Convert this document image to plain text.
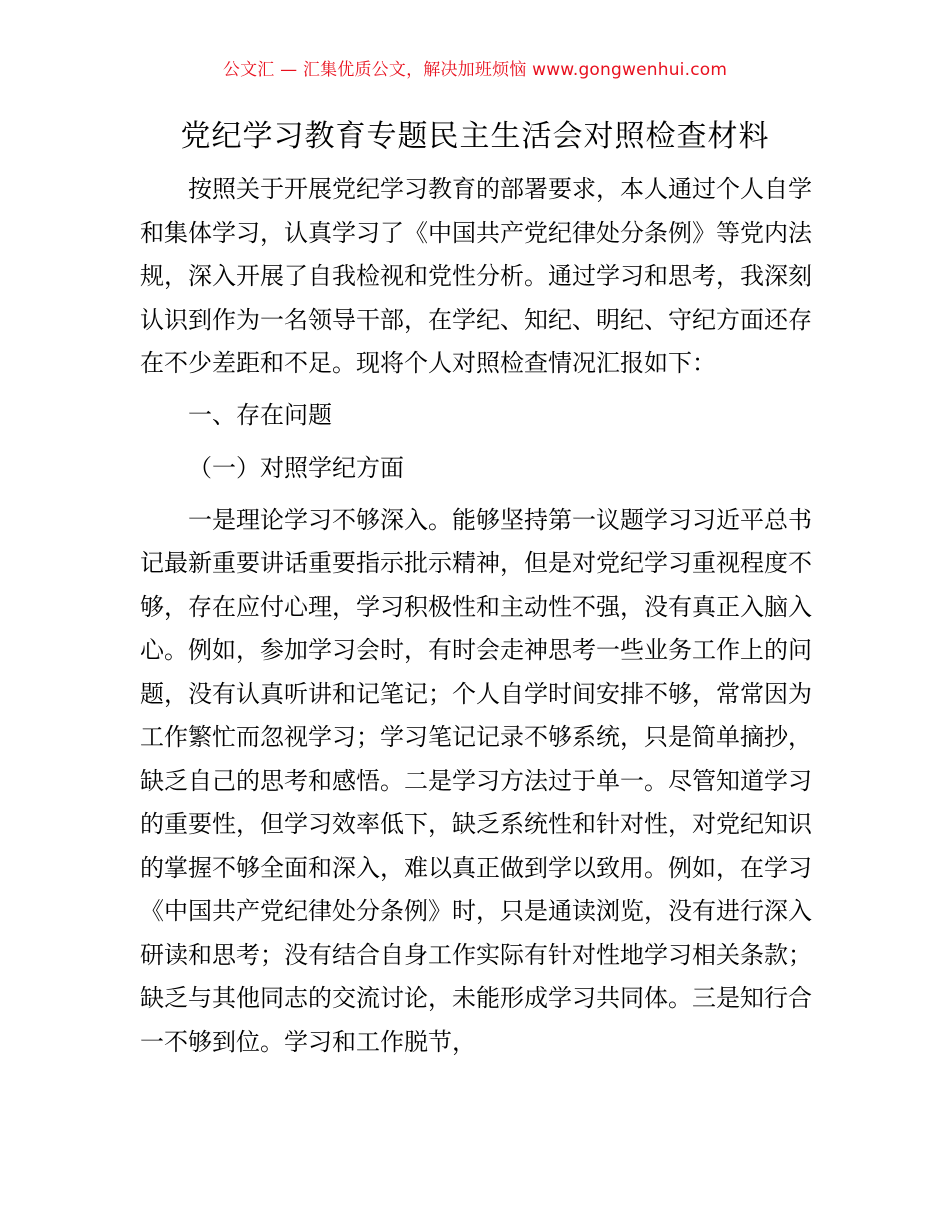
公文汇 — 汇集优质公文，解决加班烦恼 www.gongwenhui.com
党纪学习教育专题民主生活会对照检查材料

按照关于开展党纪学习教育的部署要求，本人通过个人自学和集体学习，认真学习了《中国共产党纪律处分条例》等党内法规，深入开展了自我检视和党性分析。通过学习和思考，我深刻认识到作为一名领导干部，在学纪、知纪、明纪、守纪方面还存在不少差距和不足。现将个人对照检查情况汇报如下：

一、存在问题

（一）对照学纪方面

一是理论学习不够深入。能够坚持第一议题学习习近平总书记最新重要讲话重要指示批示精神，但是对党纪学习重视程度不够，存在应付心理，学习积极性和主动性不强，没有真正入脑入心。例如，参加学习会时，有时会走神思考一些业务工作上的问题，没有认真听讲和记笔记；个人自学时间安排不够，常常因为工作繁忙而忽视学习；学习笔记记录不够系统，只是简单摘抄，缺乏自己的思考和感悟。二是学习方法过于单一。尽管知道学习的重要性，但学习效率低下，缺乏系统性和针对性，对党纪知识的掌握不够全面和深入，难以真正做到学以致用。例如，在学习《中国共产党纪律处分条例》时，只是通读浏览，没有进行深入研读和思考；没有结合自身工作实际有针对性地学习相关条款；缺乏与其他同志的交流讨论，未能形成学习共同体。三是知行合一不够到位。学习和工作脱节，
